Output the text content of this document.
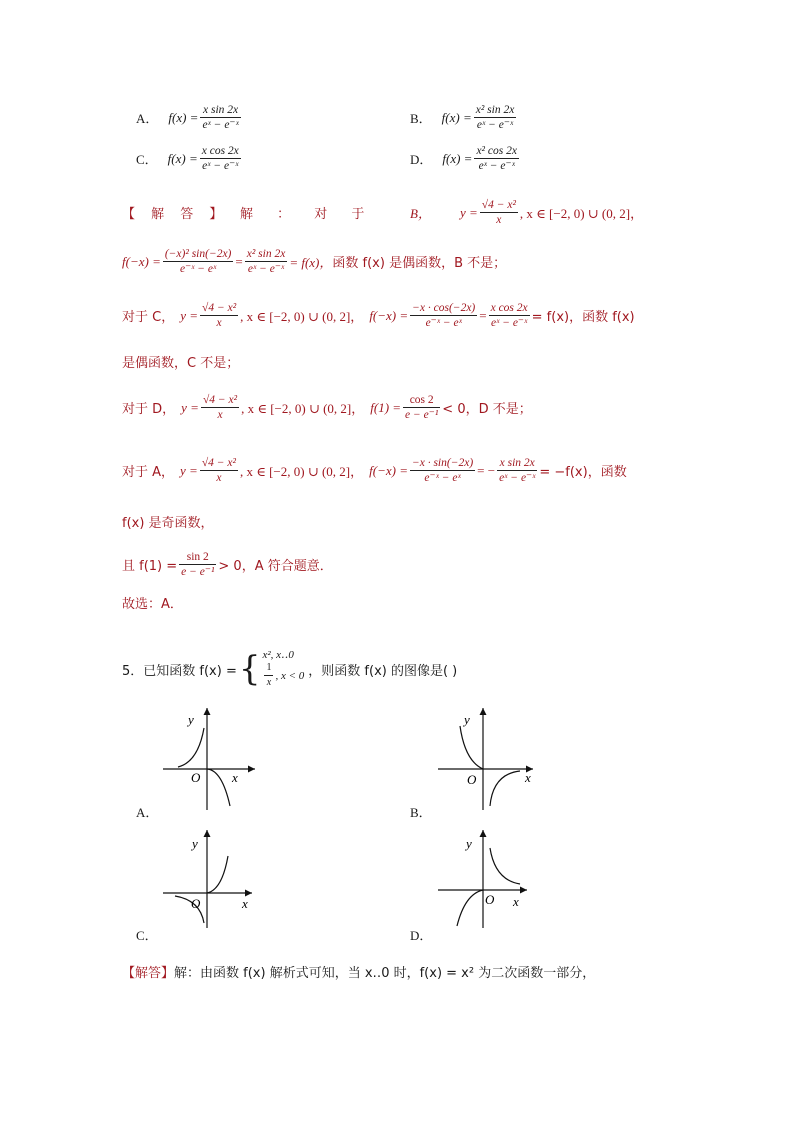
A． $f(x) = \frac{\text{x sin 2x}}{\text{eˣ − e⁻ˣ}}$	B． $f(x) = \frac{\text{x² sin 2x}}{\text{eˣ − e⁻ˣ}}$
C． $f(x) = \frac{\text{x cos 2x}}{\text{eˣ − e⁻ˣ}}$	D． $f(x) = \frac{\text{x² cos 2x}}{\text{eˣ − e⁻ˣ}}$
【 解 答 】 解 ： 对 于	B，	$y = \frac{\text{√4 − x²}}{x}$ , x ∈ [−2, 0) ∪ (0, 2]，
$f(-x) = \frac{\text{(−x)² sin(−2x)}}{\text{e⁻ˣ − eˣ}} = \frac{\text{x² sin 2x}}{\text{eˣ − e⁻ˣ}} = f(x)$， 函数 f(x) 是偶函数，B 不是；
对于 C， $y = \frac{\text{√4 − x²}}{x}$ , x ∈ [−2, 0) ∪ (0, 2]， $f(-x) = \frac{-x \cdot \cos(-2x)}{\text{e⁻ˣ − eˣ}} = \frac{\text{x cos 2x}}{\text{eˣ − e⁻ˣ}} = f(x)$，函数 f(x)
是偶函数，C 不是；
对于 D， $y = \frac{\text{√4 − x²}}{x}$ , x ∈ [−2, 0) ∪ (0, 2]， $f(1) = \frac{\cos 2}{\text{e − e⁻¹}} < 0$，D 不是；
对于 A， $y = \frac{\text{√4 − x²}}{x}$ , x ∈ [−2, 0) ∪ (0, 2]， $f(-x) = \frac{-x \cdot \sin(-2x)}{\text{e⁻ˣ − eˣ}}$ = − $\frac{\text{x sin 2x}}{\text{eˣ − e⁻ˣ}} = -f(x)$，函数
f(x) 是奇函数，
且 $f(1) = \frac{\sin 2}{\text{e − e⁻¹}} > 0$，A 符合题意．
故选：A．
5．已知函数 f(x) = { x², x‥0
$\frac{1}{x}$ , x < 0 ，则函数 f(x) 的图像是( )
y
O x
A．
y
O	x
B．
y
O	x
C．
y
O x
D．
【解答】 解：由函数 f(x) 解析式可知，当 x‥0 时，f(x) = x² 为二次函数一部分，
